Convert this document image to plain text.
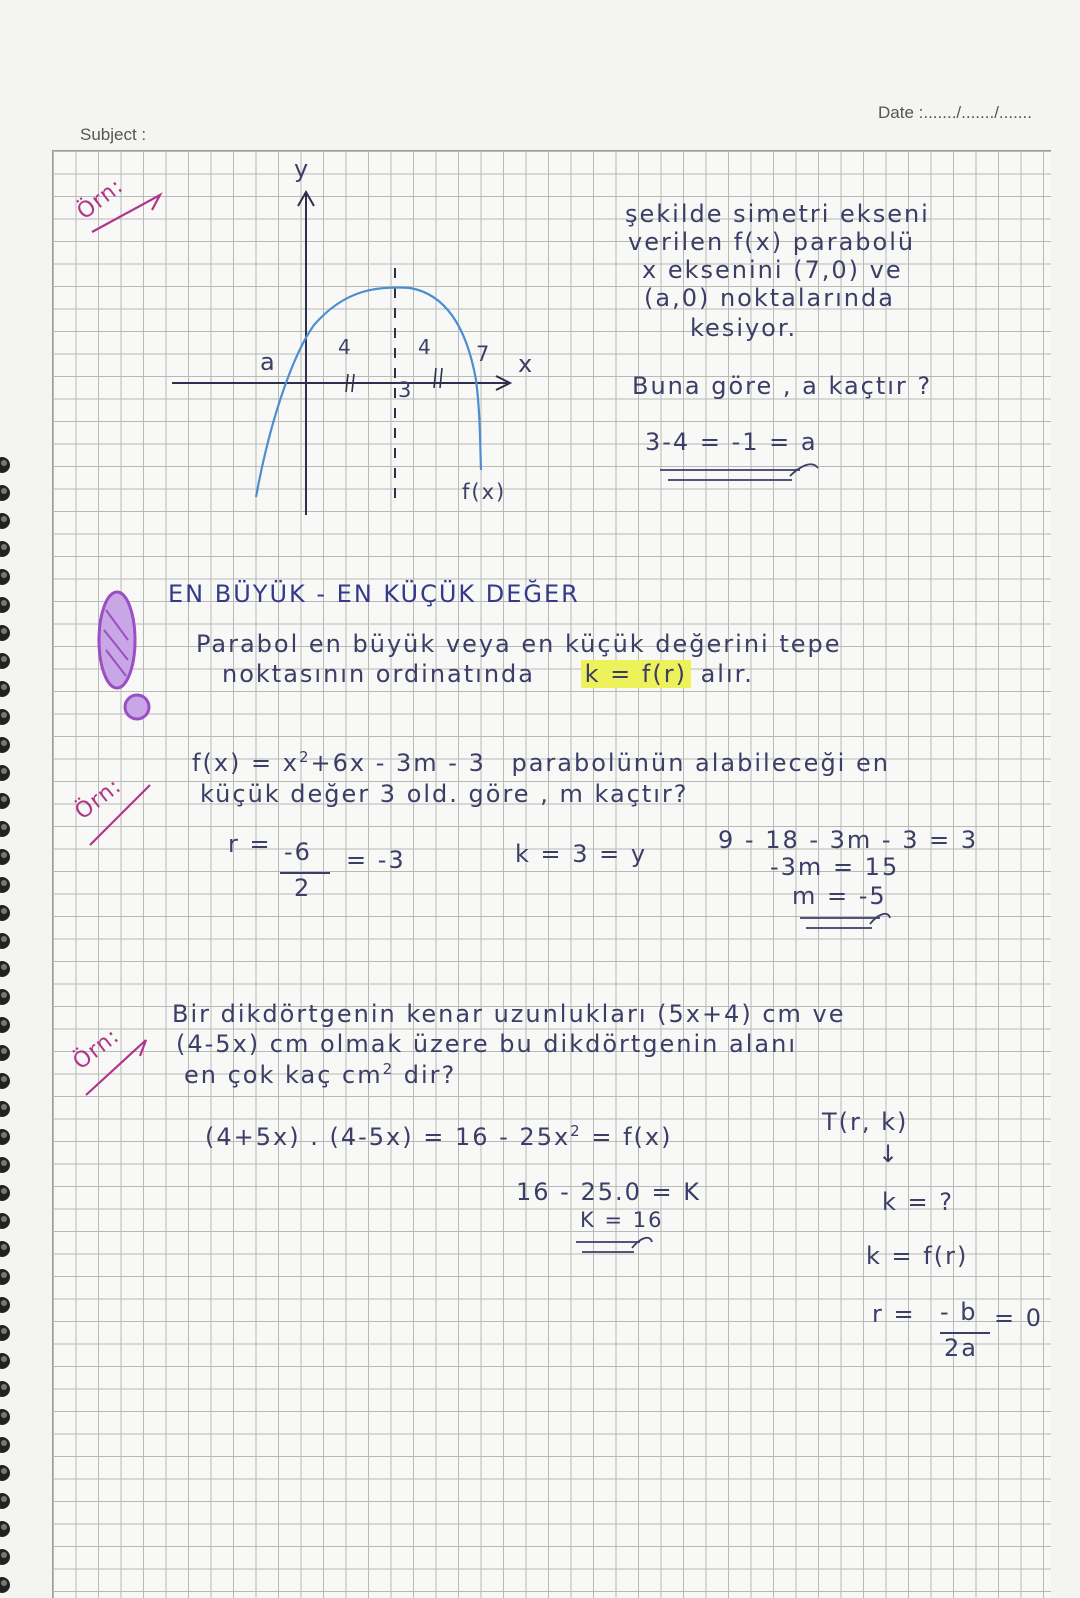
Subject :
Date :......./......./.......
Örn:
y
x
a
4	4
3
7
f(x)
şekilde simetri ekseni
verilen f(x) parabolü
x eksenini (7,0) ve
(a,0) noktalarında
kesiyor.
Buna göre , a kaçtır ?
3-4 = -1 = a
EN BÜYÜK - EN KÜÇÜK DEĞER
Parabol en büyük veya en küçük değerini tepe
noktasının ordinatında k = f(r) alır.
Örn:
$f(x) = x^2+6x - 3m - 3$ parabolünün alabileceği en
küçük değer 3 old. göre , m kaçtır?
r = -6
2
= -3	k = 3 = y	9 - 18 - 3m - 3 = 3
-3m = 15
m = -5
Örn:
Bir dikdörtgenin kenar uzunlukları (5x+4) cm ve
(4-5x) cm olmak üzere bu dikdörtgenin alanı
en çok kaç $cm^2$ dir?
(4+5x) . $(4-5x) = 16 - 25x^2 = f(x)$
T(r, k)
↓
k = ?
k = f(r)
r = - b
2a
= 0
16 - 25.0 = K
K = 16
